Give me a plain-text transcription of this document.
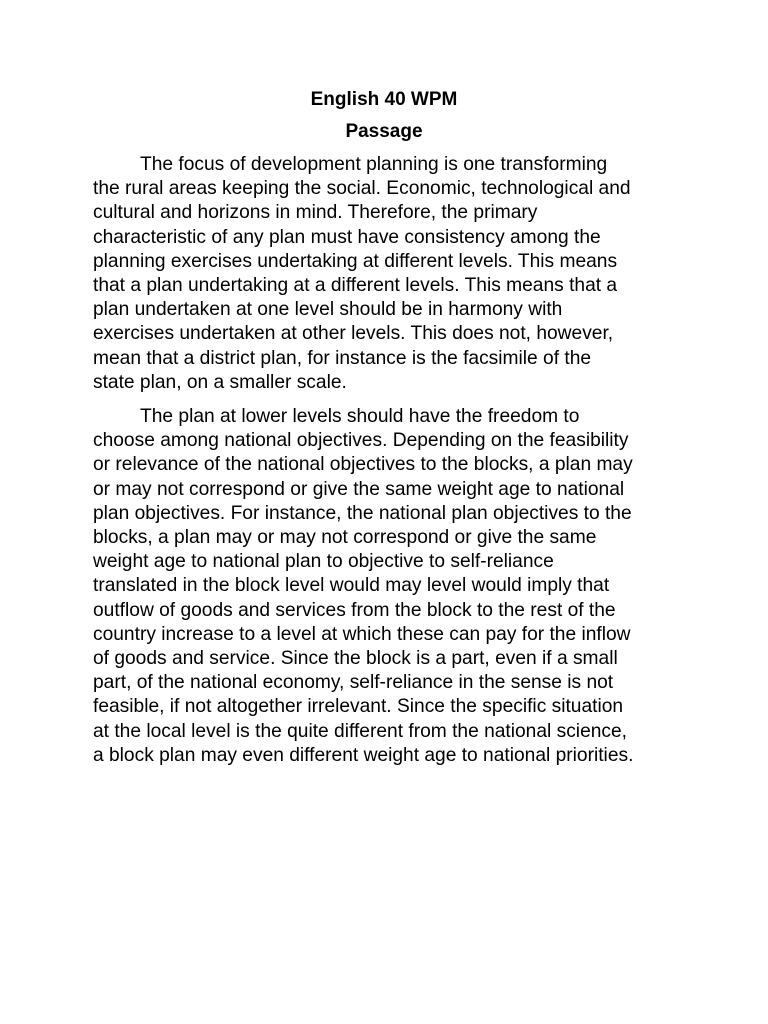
English 40 WPM
Passage

The focus of development planning is one transforming
the rural areas keeping the social. Economic, technological and
cultural and horizons in mind. Therefore, the primary
characteristic of any plan must have consistency among the
planning exercises undertaking at different levels. This means
that a plan undertaking at a different levels. This means that a
plan undertaken at one level should be in harmony with
exercises undertaken at other levels. This does not, however,
mean that a district plan, for instance is the facsimile of the
state plan, on a smaller scale.

The plan at lower levels should have the freedom to
choose among national objectives. Depending on the feasibility
or relevance of the national objectives to the blocks, a plan may
or may not correspond or give the same weight age to national
plan objectives. For instance, the national plan objectives to the
blocks, a plan may or may not correspond or give the same
weight age to national plan to objective to self-reliance
translated in the block level would may level would imply that
outflow of goods and services from the block to the rest of the
country increase to a level at which these can pay for the inflow
of goods and service. Since the block is a part, even if a small
part, of the national economy, self-reliance in the sense is not
feasible, if not altogether irrelevant. Since the specific situation
at the local level is the quite different from the national science,
a block plan may even different weight age to national priorities.
